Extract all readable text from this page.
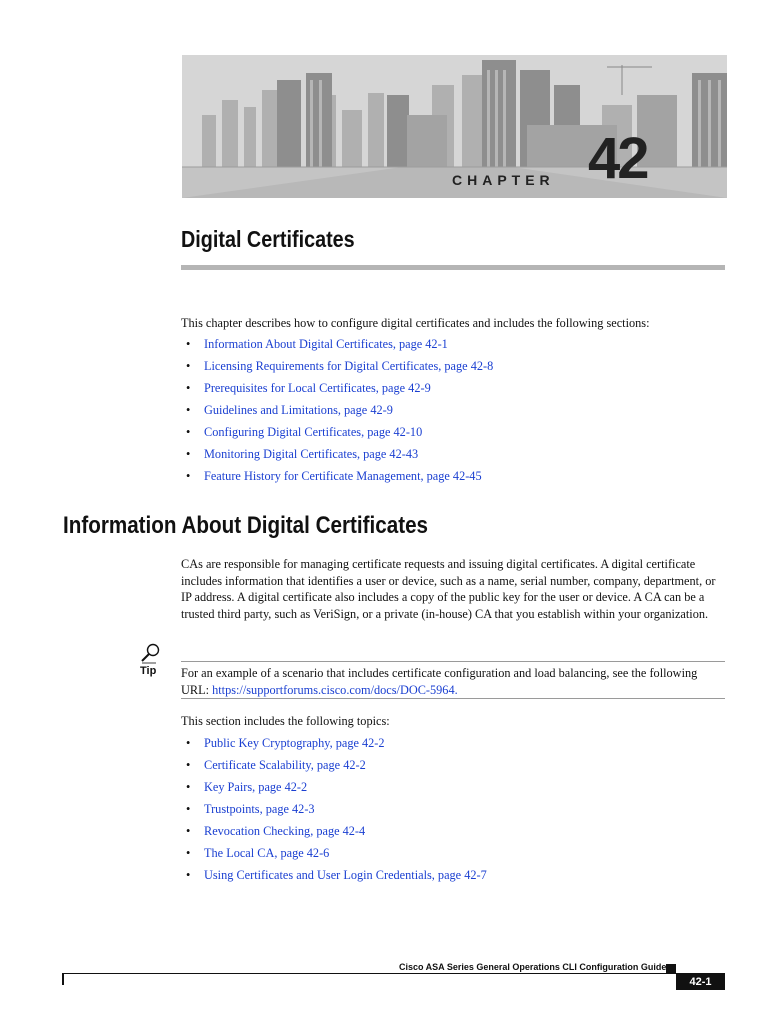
CHAPTER 42
Digital Certificates

This chapter describes how to configure digital certificates and includes the following sections:

• Information About Digital Certificates, page 42-1
• Licensing Requirements for Digital Certificates, page 42-8
• Prerequisites for Local Certificates, page 42-9
• Guidelines and Limitations, page 42-9
• Configuring Digital Certificates, page 42-10
• Monitoring Digital Certificates, page 42-43
• Feature History for Certificate Management, page 42-45
Information About Digital Certificates

CAs are responsible for managing certificate requests and issuing digital certificates. A digital certificate includes information that identifies a user or device, such as a name, serial number, company, department, or IP address. A digital certificate also includes a copy of the public key for the user or device. A CA can be a trusted third party, such as VeriSign, or a private (in-house) CA that you establish within your organization.

Tip For an example of a scenario that includes certificate configuration and load balancing, see the following URL: https://supportforums.cisco.com/docs/DOC-5964.

This section includes the following topics:

• Public Key Cryptography, page 42-2
• Certificate Scalability, page 42-2
• Key Pairs, page 42-2
• Trustpoints, page 42-3
• Revocation Checking, page 42-4
• The Local CA, page 42-6
• Using Certificates and User Login Credentials, page 42-7
Cisco ASA Series General Operations CLI Configuration Guide
42-1
